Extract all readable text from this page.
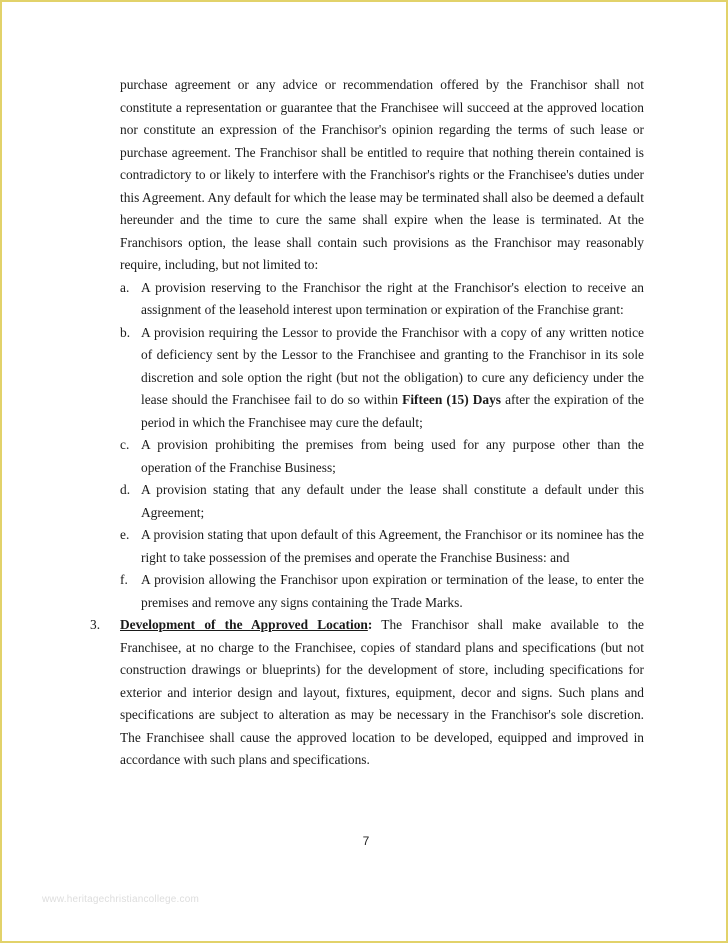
purchase agreement or any advice or recommendation offered by the Franchisor shall not constitute a representation or guarantee that the Franchisee will succeed at the approved location nor constitute an expression of the Franchisor's opinion regarding the terms of such lease or purchase agreement. The Franchisor shall be entitled to require that nothing therein contained is contradictory to or likely to interfere with the Franchisor's rights or the Franchisee's duties under this Agreement. Any default for which the lease may be terminated shall also be deemed a default hereunder and the time to cure the same shall expire when the lease is terminated. At the Franchisors option, the lease shall contain such provisions as the Franchisor may reasonably require, including, but not limited to:

a. A provision reserving to the Franchisor the right at the Franchisor's election to receive an assignment of the leasehold interest upon termination or expiration of the Franchise grant:
b. A provision requiring the Lessor to provide the Franchisor with a copy of any written notice of deficiency sent by the Lessor to the Franchisee and granting to the Franchisor in its sole discretion and sole option the right (but not the obligation) to cure any deficiency under the lease should the Franchisee fail to do so within Fifteen (15) Days after the expiration of the period in which the Franchisee may cure the default;
c. A provision prohibiting the premises from being used for any purpose other than the operation of the Franchise Business;
d. A provision stating that any default under the lease shall constitute a default under this Agreement;
e. A provision stating that upon default of this Agreement, the Franchisor or its nominee has the right to take possession of the premises and operate the Franchise Business: and
f. A provision allowing the Franchisor upon expiration or termination of the lease, to enter the premises and remove any signs containing the Trade Marks.
3. Development of the Approved Location: The Franchisor shall make available to the Franchisee, at no charge to the Franchisee, copies of standard plans and specifications (but not construction drawings or blueprints) for the development of store, including specifications for exterior and interior design and layout, fixtures, equipment, decor and signs. Such plans and specifications are subject to alteration as may be necessary in the Franchisor's sole discretion. The Franchisee shall cause the approved location to be developed, equipped and improved in accordance with such plans and specifications.
7
www.heritagechristiancollege.com
